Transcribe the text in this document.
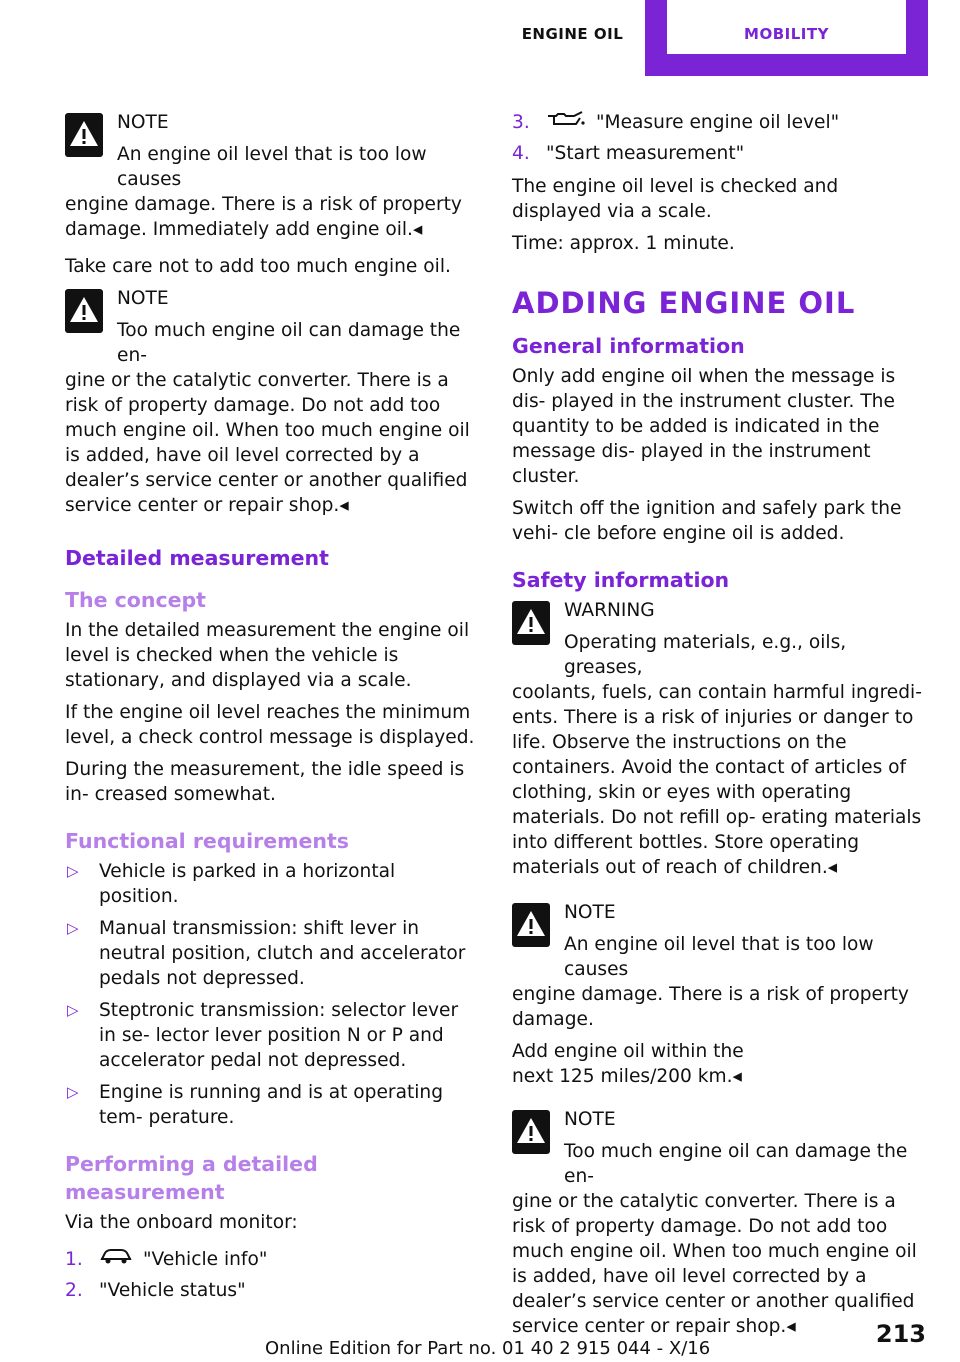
ENGINE OIL	MOBILITY

NOTE

An engine oil level that is too low causes

engine damage. There is a risk of property damage. Immediately add engine oil.◂

Take care not to add too much engine oil.

NOTE

Too much engine oil can damage the en‐

gine or the catalytic converter. There is a risk of property damage. Do not add too much engine oil. When too much engine oil is added, have oil level corrected by a dealer’s service center or another qualified service center or repair shop.◂

Detailed measurement
The concept

In the detailed measurement the engine oil level is checked when the vehicle is stationary, and displayed via a scale.

If the engine oil level reaches the minimum level, a check control message is displayed.

During the measurement, the idle speed is in‐ creased somewhat.

Functional requirements
▷ Vehicle is parked in a horizontal position.
▷ Manual transmission: shift lever in neutral position, clutch and accelerator pedals not depressed.
▷ Steptronic transmission: selector lever in se‐ lector lever position N or P and accelerator pedal not depressed.
▷ Engine is running and is at operating tem‐ perature.
Performing a detailed measurement

Via the onboard monitor:

1.	"Vehicle info"
2. "Vehicle status"
3.	"Measure engine oil level"
4. "Start measurement"

The engine oil level is checked and displayed via a scale.

Time: approx. 1 minute.

ADDING ENGINE OIL
General information

Only add engine oil when the message is dis‐ played in the instrument cluster. The quantity to be added is indicated in the message dis‐ played in the instrument cluster.

Switch off the ignition and safely park the vehi‐ cle before engine oil is added.

Safety information

WARNING

Operating materials, e.g., oils, greases,

coolants, fuels, can contain harmful ingredi‐ ents. There is a risk of injuries or danger to life. Observe the instructions on the containers. Avoid the contact of articles of clothing, skin or eyes with operating materials. Do not refill op‐ erating materials into different bottles. Store operating materials out of reach of children.◂

NOTE

An engine oil level that is too low causes

engine damage. There is a risk of property damage.

Add engine oil within the next 125 miles/200 km.◂

NOTE

Too much engine oil can damage the en‐

gine or the catalytic converter. There is a risk of property damage. Do not add too much engine oil. When too much engine oil is added, have oil level corrected by a dealer’s service center or another qualified service center or repair shop.◂

Online Edition for Part no. 01 40 2 915 044 - X/16
213
